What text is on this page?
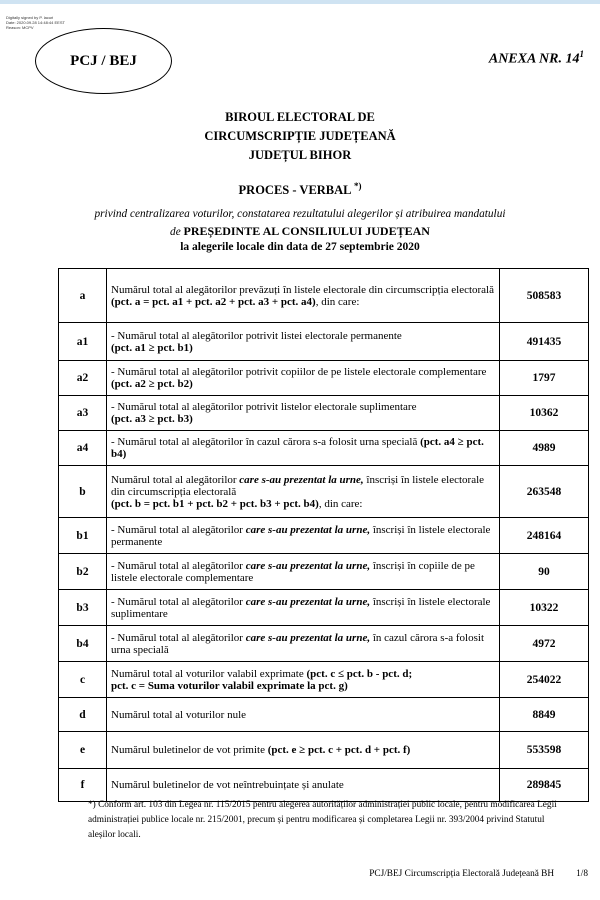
Digitally signed by P. lacuri
Date: 2020.09.28 14:48:44 EEST
Reason: MCPV
PCJ / BEJ	ANEXA NR. $14^1$
BIROUL ELECTORAL DE
CIRCUMSCRIPȚIE JUDEȚEANĂ
JUDEȚUL BIHOR
PROCES - VERBAL *)
privind centralizarea voturilor, constatarea rezultatului alegerilor și atribuirea mandatului
de PREȘEDINTE AL CONSILIULUI JUDEȚEAN
la alegerile locale din data de 27 septembrie 2020
a	Numărul total al alegătorilor prevăzuți în listele electorale din circumscripția electorală
(pct. a = pct. a1 + pct. a2 + pct. a3 + pct. a4), din care:	508583
a1	- Numărul total al alegătorilor potrivit listei electorale permanente
(pct. a1 ≥ pct. b1)	491435
a2	- Numărul total al alegătorilor potrivit copiilor de pe listele electorale complementare (pct. a2 ≥ pct. b2)	1797
a3	- Numărul total al alegătorilor potrivit listelor electorale suplimentare
(pct. a3 ≥ pct. b3)	10362
a4	- Numărul total al alegătorilor în cazul cărora s-a folosit urna specială (pct. a4 ≥ pct. b4)	4989
b	Numărul total al alegătorilor care s-au prezentat la urne, înscriși în listele electorale din circumscripția electorală
(pct. b = pct. b1 + pct. b2 + pct. b3 + pct. b4), din care:	263548
b1	- Numărul total al alegătorilor care s-au prezentat la urne, înscriși în listele electorale permanente	248164
b2	- Numărul total al alegătorilor care s-au prezentat la urne, înscriși în copiile de pe listele electorale complementare	90
b3	- Numărul total al alegătorilor care s-au prezentat la urne, înscriși în listele electorale suplimentare	10322
b4	- Numărul total al alegătorilor care s-au prezentat la urne, în cazul cărora s-a folosit urna specială	4972
c	Numărul total al voturilor valabil exprimate (pct. c ≤ pct. b - pct. d;
pct. c = Suma voturilor valabil exprimate la pct. g)	254022
d	Numărul total al voturilor nule	8849
e	Numărul buletinelor de vot primite (pct. e ≥ pct. c + pct. d + pct. f)	553598
f	Numărul buletinelor de vot neîntrebuințate și anulate	289845
*) Conform art. 103 din Legea nr. 115/2015 pentru alegerea autorităților administrației public locale, pentru modificarea Legii administrației publice locale nr. 215/2001, precum și pentru modificarea și completarea Legii nr. 393/2004 privind Statutul aleșilor locali.
PCJ/BEJ Circumscripția Electorală Județeană BH 1/8
